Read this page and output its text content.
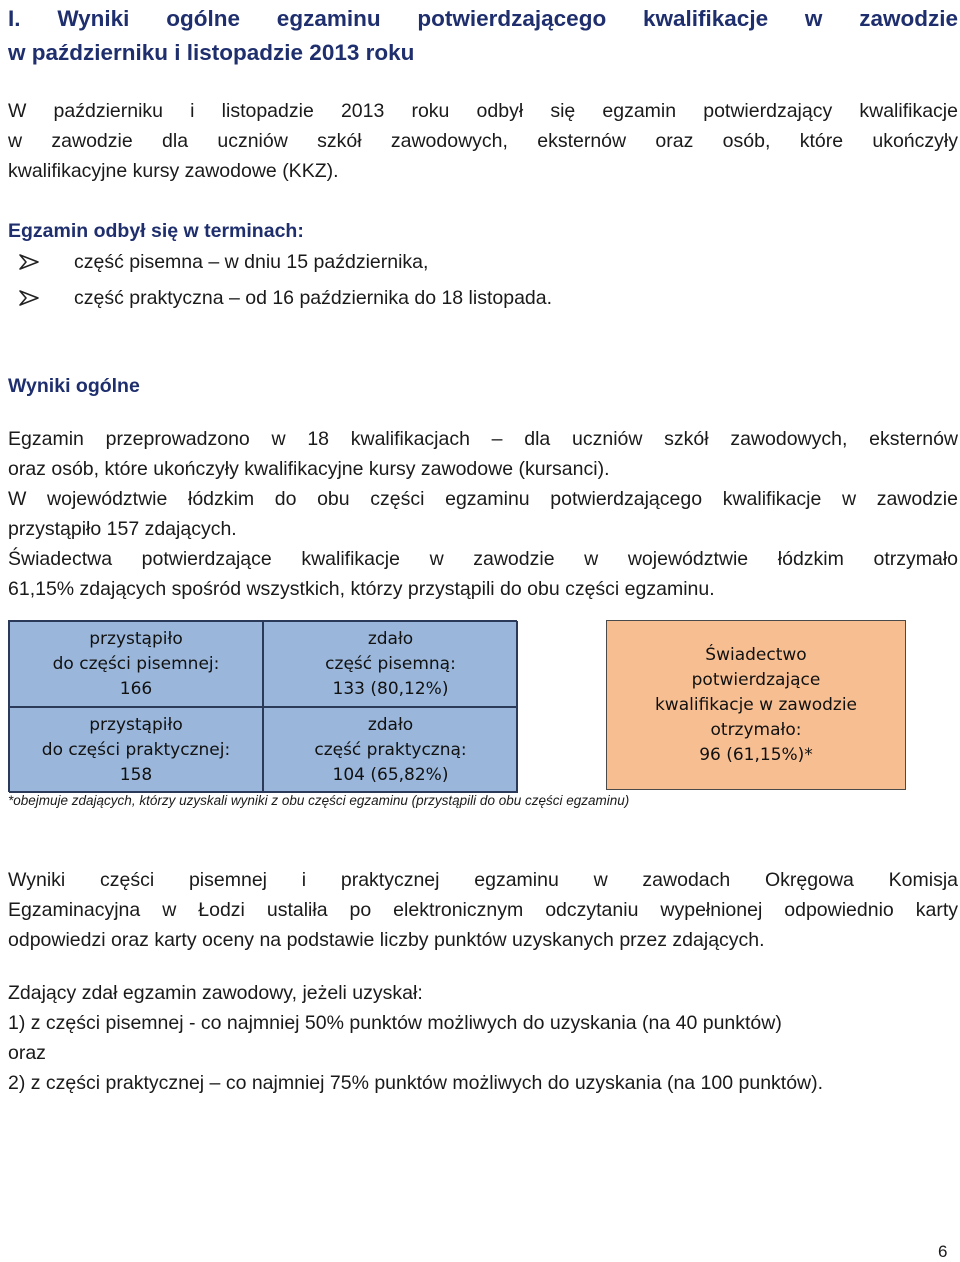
I. Wyniki ogólne egzaminu potwierdzającego kwalifikacje w zawodzie
w październiku i listopadzie 2013 roku
W październiku i listopadzie 2013 roku odbył się egzamin potwierdzający kwalifikacje
w zawodzie dla uczniów szkół zawodowych, eksternów oraz osób, które ukończyły
kwalifikacyjne kursy zawodowe (KKZ).
Egzamin odbył się w terminach:
część pisemna – w dniu 15 października,
część praktyczna – od 16 października do 18 listopada.
Wyniki ogólne
Egzamin przeprowadzono w 18 kwalifikacjach – dla uczniów szkół zawodowych, eksternów
oraz osób, które ukończyły kwalifikacyjne kursy zawodowe (kursanci).
W województwie łódzkim do obu części egzaminu potwierdzającego kwalifikacje w zawodzie
przystąpiło 157 zdających.
Świadectwa potwierdzające kwalifikacje w zawodzie w województwie łódzkim otrzymało
61,15% zdających spośród wszystkich, którzy przystąpili do obu części egzaminu.
przystąpiło
do części pisemnej:
166
zdało
część pisemną:
133 (80,12%)
przystąpiło
do części praktycznej:
158
zdało
część praktyczną:
104 (65,82%)
Świadectwo
potwierdzające
kwalifikacje w zawodzie
otrzymało:
96 (61,15%)*
*obejmuje zdających, którzy uzyskali wyniki z obu części egzaminu (przystąpili do obu części egzaminu)
Wyniki części pisemnej i praktycznej egzaminu w zawodach Okręgowa Komisja
Egzaminacyjna w Łodzi ustaliła po elektronicznym odczytaniu wypełnionej odpowiednio karty
odpowiedzi oraz karty oceny na podstawie liczby punktów uzyskanych przez zdających.
Zdający zdał egzamin zawodowy, jeżeli uzyskał:
1) z części pisemnej - co najmniej 50% punktów możliwych do uzyskania (na 40 punktów)
oraz
2) z części praktycznej – co najmniej 75% punktów możliwych do uzyskania (na 100 punktów).
6
